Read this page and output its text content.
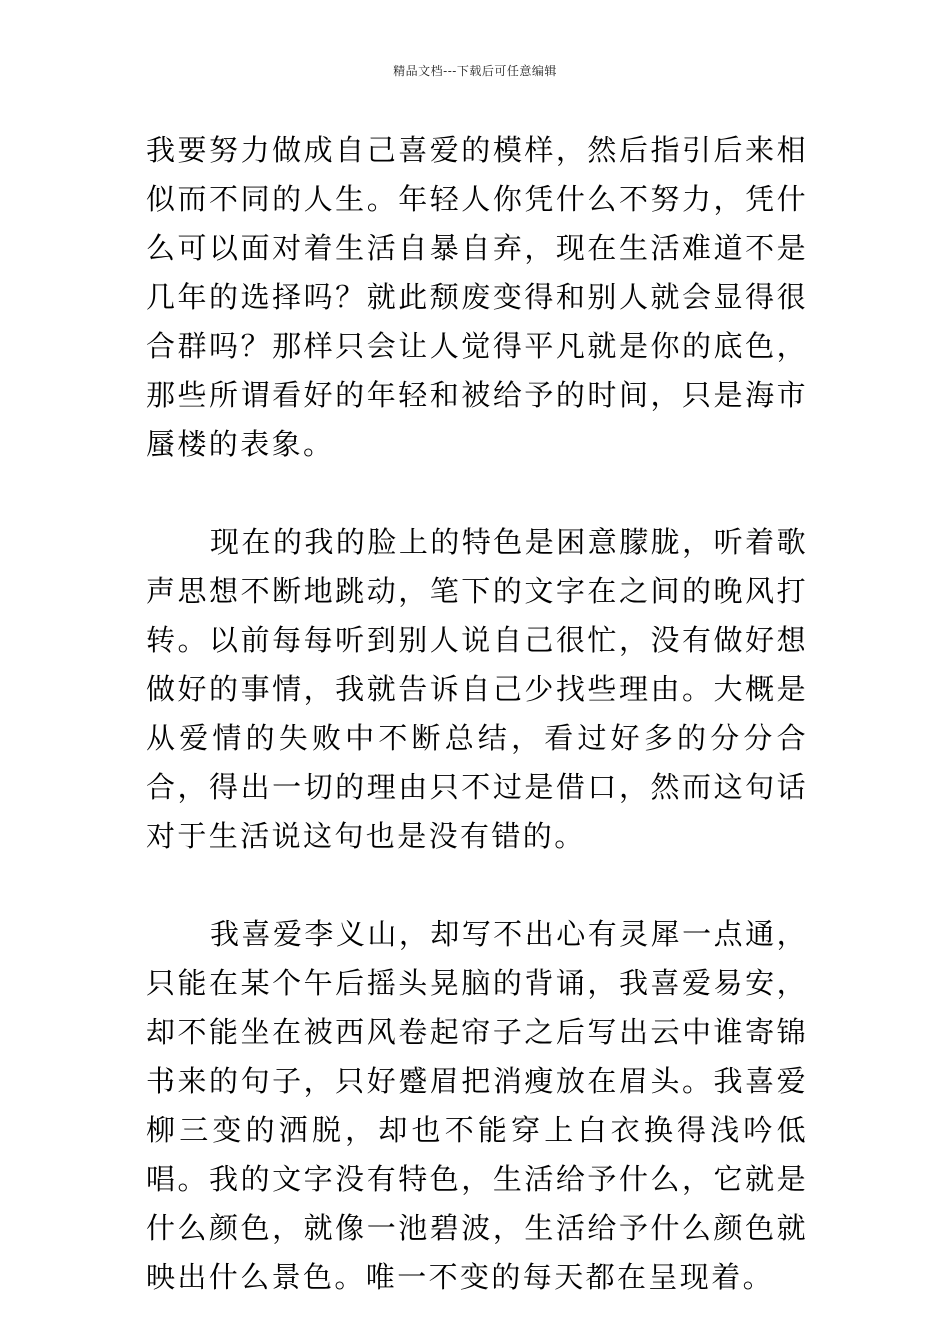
精品文档---下载后可任意编辑

我要努力做成自己喜爱的模样，然后指引后来相似而不同的人生。年轻人你凭什么不努力，凭什么可以面对着生活自暴自弃，现在生活难道不是几年的选择吗？就此颓废变得和别人就会显得很合群吗？那样只会让人觉得平凡就是你的底色，那些所谓看好的年轻和被给予的时间，只是海市蜃楼的表象。

现在的我的脸上的特色是困意朦胧，听着歌声思想不断地跳动，笔下的文字在之间的晚风打转。以前每每听到别人说自己很忙，没有做好想做好的事情，我就告诉自己少找些理由。大概是从爱情的失败中不断总结，看过好多的分分合合，得出一切的理由只不过是借口，然而这句话对于生活说这句也是没有错的。

我喜爱李义山，却写不出心有灵犀一点通，只能在某个午后摇头晃脑的背诵，我喜爱易安，却不能坐在被西风卷起帘子之后写出云中谁寄锦书来的句子，只好蹙眉把消瘦放在眉头。我喜爱柳三变的洒脱，却也不能穿上白衣换得浅吟低唱。我的文字没有特色，生活给予什么，它就是什么颜色，就像一池碧波，生活给予什么颜色就映出什么景色。唯一不变的每天都在呈现着。
